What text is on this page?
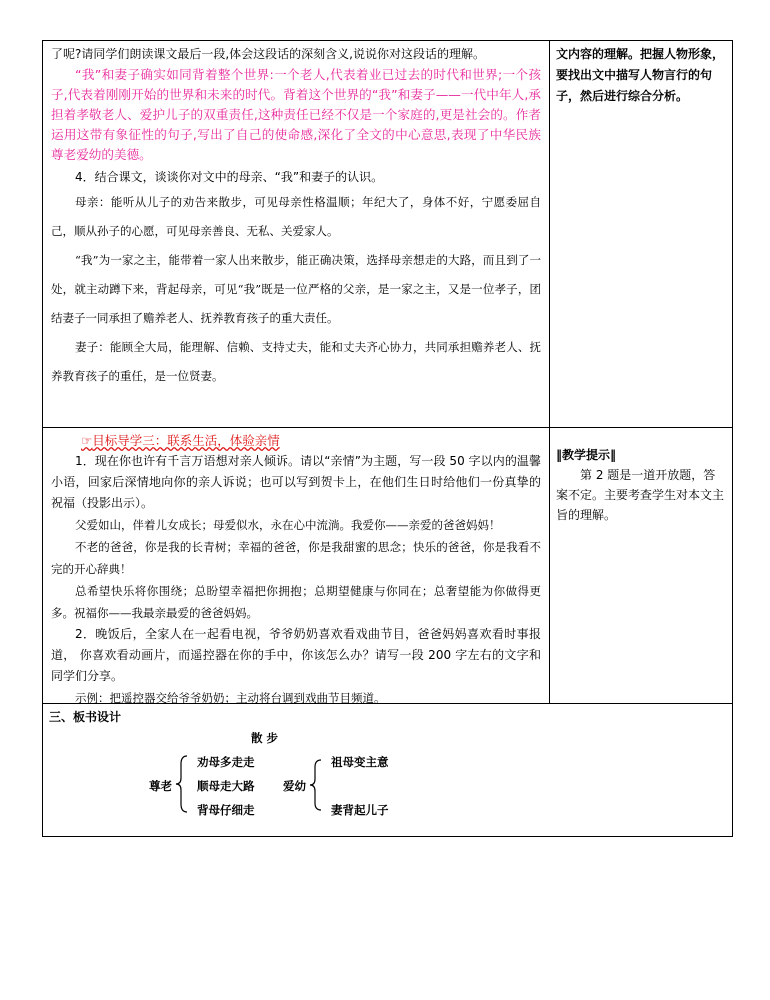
了呢?请同学们朗读课文最后一段,体会这段话的深刻含义,说说你对这段话的理解。

“我”和妻子确实如同背着整个世界:一个老人,代表着业已过去的时代和世界;一个孩子,代表着刚刚开始的世界和未来的时代。背着这个世界的“我”和妻子——一代中年人,承担着孝敬老人、爱护儿子的双重责任,这种责任已经不仅是一个家庭的,更是社会的。作者运用这带有象征性的句子,写出了自己的使命感,深化了全文的中心意思,表现了中华民族尊老爱幼的美德。

4．结合课文，谈谈你对文中的母亲、“我”和妻子的认识。

母亲：能听从儿子的劝告来散步，可见母亲性格温顺；年纪大了，身体不好，宁愿委屈自己，顺从孙子的心愿，可见母亲善良、无私、关爱家人。

“我”为一家之主，能带着一家人出来散步，能正确决策，选择母亲想走的大路，而且到了一处，就主动蹲下来，背起母亲，可见“我”既是一位严格的父亲，是一家之主，又是一位孝子，团结妻子一同承担了赡养老人、抚养教育孩子的重大责任。

妻子：能顾全大局，能理解、信赖、支持丈夫，能和丈夫齐心协力，共同承担赡养老人、抚养教育孩子的重任，是一位贤妻。

文内容的理解。把握人物形象，要找出文中描写人物言行的句子，然后进行综合分析。

☞目标导学三：联系生活，体验亲情

1．现在你也许有千言万语想对亲人倾诉。请以“亲情”为主题，写一段 50 字以内的温馨小语，回家后深情地向你的亲人诉说；也可以写到贺卡上，在他们生日时给他们一份真挚的祝福（投影出示）。

父爱如山，伴着儿女成长；母爱似水，永在心中流淌。我爱你——亲爱的爸爸妈妈！

不老的爸爸，你是我的长青树；幸福的爸爸，你是我甜蜜的思念；快乐的爸爸，你是我看不完的开心辞典！

总希望快乐将你围绕；总盼望幸福把你拥抱；总期望健康与你同在；总奢望能为你做得更多。祝福你——我最亲最爱的爸爸妈妈。

2．晚饭后，全家人在一起看电视，爷爷奶奶喜欢看戏曲节目，爸爸妈妈喜欢看时事报道， 你喜欢看动画片，而遥控器在你的手中，你该怎么办？请写一段 200 字左右的文字和同学们分享。

示例：把遥控器交给爷爷奶奶；主动将台调到戏曲节目频道。

‖教学提示‖

第 2 题是一道开放题，答案不定。主要考查学生对本文主旨的理解。

三、板书设计
散 步
尊老
劝母多走走
顺母走大路
背母仔细走
爱幼
祖母变主意
妻背起儿子
